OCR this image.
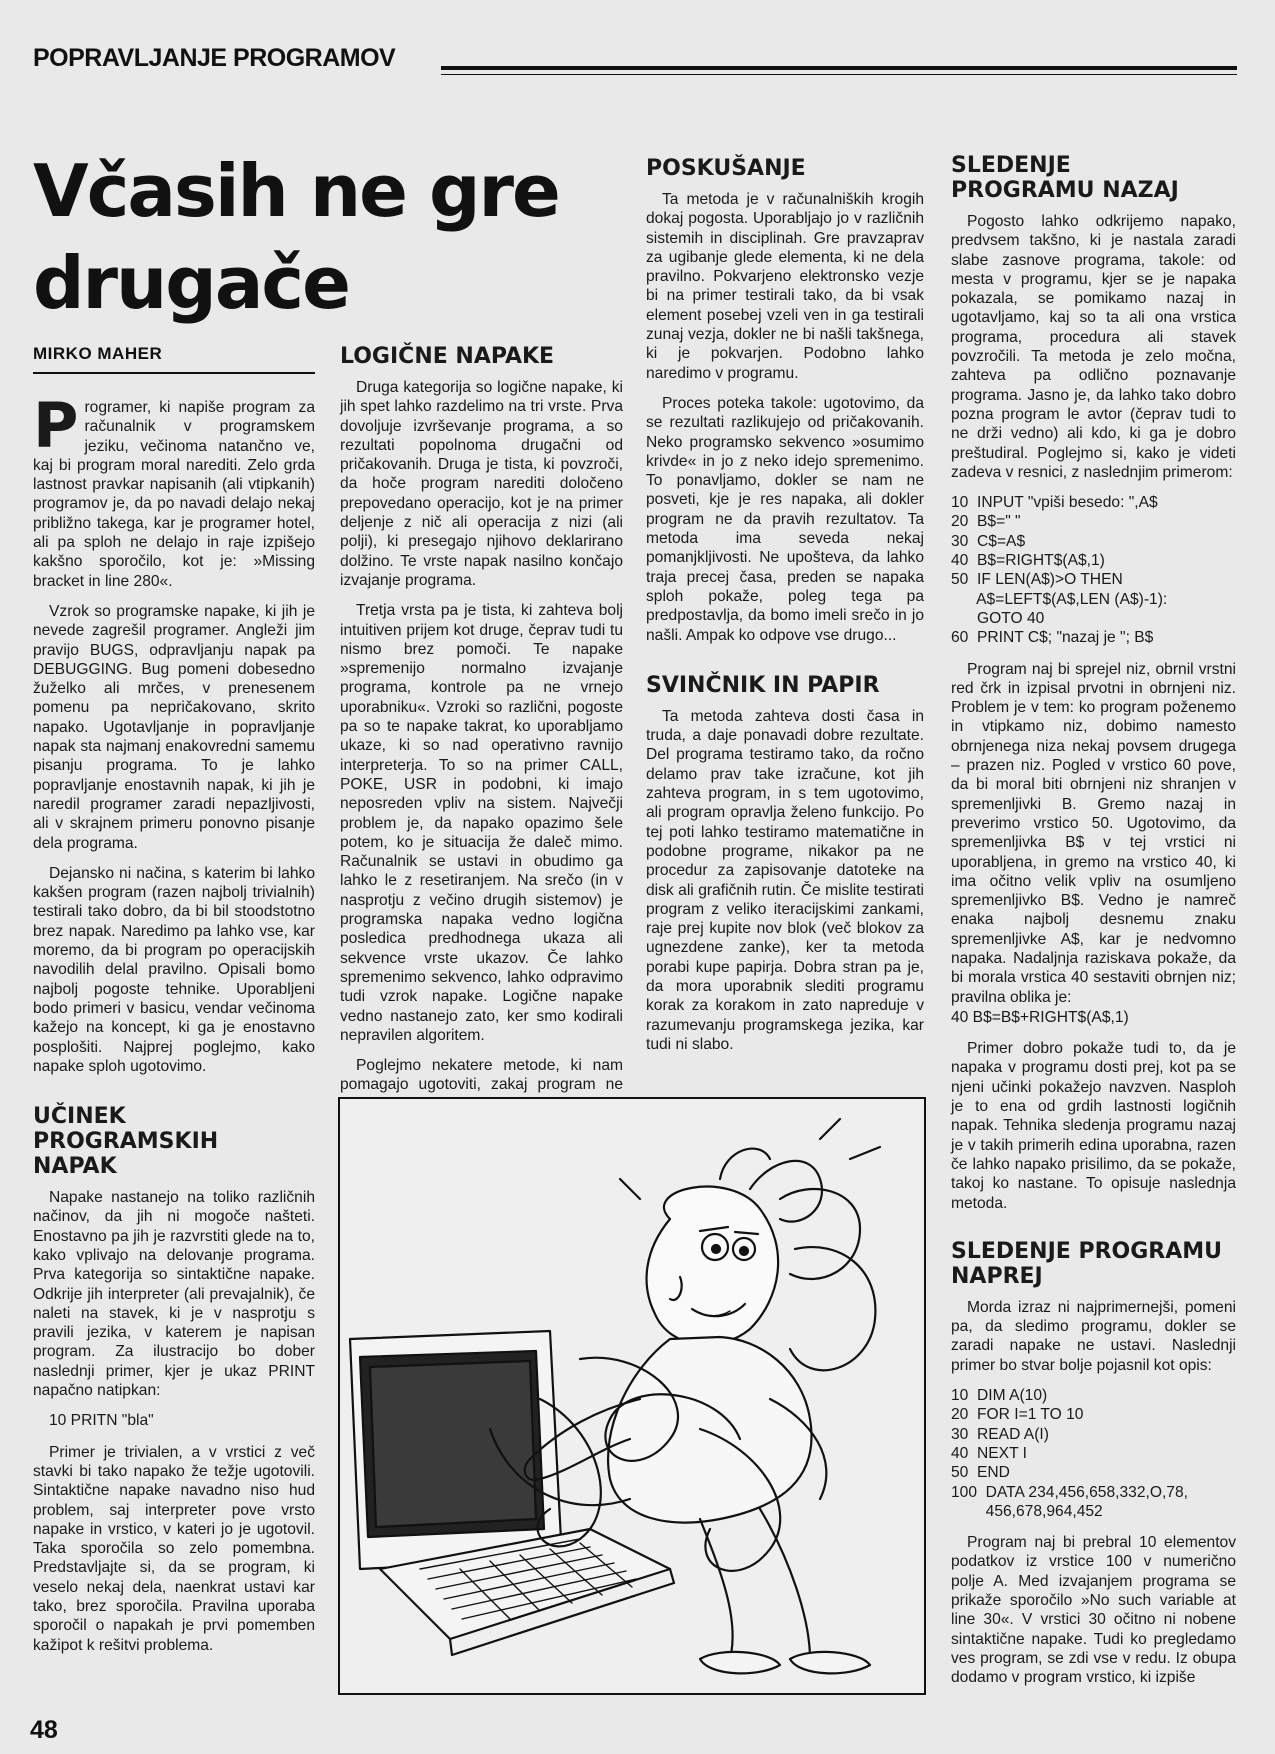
POPRAVLJANJE PROGRAMOV
Včasih ne gre drugače
MIRKO MAHER

Programer, ki napiše program za računalnik v programskem jeziku, večinoma natančno ve, kaj bi program moral narediti. Zelo grda lastnost pravkar napisanih (ali vtipkanih) programov je, da po navadi delajo nekaj približno takega, kar je programer hotel, ali pa sploh ne delajo in raje izpišejo kakšno sporočilo, kot je: »Missing bracket in line 280«.

Vzrok so programske napake, ki jih je nevede zagrešil programer. Angleži jim pravijo BUGS, odpravljanju napak pa DEBUGGING. Bug pomeni dobesedno žuželko ali mrčes, v prenesenem pomenu pa nepričakovano, skrito napako. Ugotavljanje in popravljanje napak sta najmanj enakovredni samemu pisanju programa. To je lahko popravljanje enostavnih napak, ki jih je naredil programer zaradi nepazljivosti, ali v skrajnem primeru ponovno pisanje dela programa.

Dejansko ni načina, s katerim bi lahko kakšen program (razen najbolj trivialnih) testirali tako dobro, da bi bil stoodstotno brez napak. Naredimo pa lahko vse, kar moremo, da bi program po operacijskih navodilih delal pravilno. Opisali bomo najbolj pogoste tehnike. Uporabljeni bodo primeri v basicu, vendar večinoma kažejo na koncept, ki ga je enostavno posplošiti. Najprej poglejmo, kako napake sploh ugotovimo.

UČINEK PROGRAMSKIH NAPAK

Napake nastanejo na toliko različnih načinov, da jih ni mogoče našteti. Enostavno pa jih je razvrstiti glede na to, kako vplivajo na delovanje programa. Prva kategorija so sintaktične napake. Odkrije jih interpreter (ali prevajalnik), če naleti na stavek, ki je v nasprotju s pravili jezika, v katerem je napisan program. Za ilustracijo bo dober naslednji primer, kjer je ukaz PRINT napačno natipkan:

10 PRITN "bla"

Primer je trivialen, a v vrstici z več stavki bi tako napako že težje ugotovili. Sintaktične napake navadno niso hud problem, saj interpreter pove vrsto napake in vrstico, v kateri jo je ugotovil. Taka sporočila so zelo pomembna. Predstavljajte si, da se program, ki veselo nekaj dela, naenkrat ustavi kar tako, brez sporočila. Pravilna uporaba sporočil o napakah je prvi pomemben kažipot k rešitvi problema.

LOGIČNE NAPAKE

Druga kategorija so logične napake, ki jih spet lahko razdelimo na tri vrste. Prva dovoljuje izvrševanje programa, a so rezultati popolnoma drugačni od pričakovanih. Druga je tista, ki povzroči, da hoče program narediti določeno prepovedano operacijo, kot je na primer deljenje z nič ali operacija z nizi (ali polji), ki presegajo njihovo deklarirano dolžino. Te vrste napak nasilno končajo izvajanje programa.

Tretja vrsta pa je tista, ki zahteva bolj intuitiven prijem kot druge, čeprav tudi tu nismo brez pomoči. Te napake »spremenijo normalno izvajanje programa, kontrole pa ne vrnejo uporabniku«. Vzroki so različni, pogoste pa so te napake takrat, ko uporabljamo ukaze, ki so nad operativno ravnijo interpreterja. To so na primer CALL, POKE, USR in podobni, ki imajo neposreden vpliv na sistem. Največji problem je, da napako opazimo šele potem, ko je situacija že daleč mimo. Računalnik se ustavi in obudimo ga lahko le z resetiranjem. Na srečo (in v nasprotju z večino drugih sistemov) je programska napaka vedno logična posledica predhodnega ukaza ali sekvence vrste ukazov. Če lahko spremenimo sekvenco, lahko odpravimo tudi vzrok napake. Logične napake vedno nastanejo zato, ker smo kodirali nepravilen algoritem.

Poglejmo nekatere metode, ki nam pomagajo ugotoviti, zakaj program ne

POSKUŠANJE

Ta metoda je v računalniških krogih dokaj pogosta. Uporabljajo jo v različnih sistemih in disciplinah. Gre pravzaprav za ugibanje glede elementa, ki ne dela pravilno. Pokvarjeno elektronsko vezje bi na primer testirali tako, da bi vsak element posebej vzeli ven in ga testirali zunaj vezja, dokler ne bi našli takšnega, ki je pokvarjen. Podobno lahko naredimo v programu.

Proces poteka takole: ugotovimo, da se rezultati razlikujejo od pričakovanih. Neko programsko sekvenco »osumimo krivde« in jo z neko idejo spremenimo. To ponavljamo, dokler se nam ne posveti, kje je res napaka, ali dokler program ne da pravih rezultatov. Ta metoda ima seveda nekaj pomanjkljivosti. Ne upošteva, da lahko traja precej časa, preden se napaka sploh pokaže, poleg tega pa predpostavlja, da bomo imeli srečo in jo našli. Ampak ko odpove vse drugo...

SVINČNIK IN PAPIR

Ta metoda zahteva dosti časa in truda, a daje ponavadi dobre rezultate. Del programa testiramo tako, da ročno delamo prav take izračune, kot jih zahteva program, in s tem ugotovimo, ali program opravlja želeno funkcijo. Po tej poti lahko testiramo matematične in podobne programe, nikakor pa ne procedur za zapisovanje datoteke na disk ali grafičnih rutin. Če mislite testirati program z veliko iteracijskimi zankami, raje prej kupite nov blok (več blokov za ugnezdene zanke), ker ta metoda porabi kupe papirja. Dobra stran pa je, da mora uporabnik slediti programu korak za korakom in zato napreduje v razumevanju programskega jezika, kar tudi ni slabo.

SLEDENJE PROGRAMU NAZAJ

Pogosto lahko odkrijemo napako, predvsem takšno, ki je nastala zaradi slabe zasnove programa, takole: od mesta v programu, kjer se je napaka pokazala, se pomikamo nazaj in ugotavljamo, kaj so ta ali ona vrstica programa, procedura ali stavek povzročili. Ta metoda je zelo močna, zahteva pa odlično poznavanje programa. Jasno je, da lahko tako dobro pozna program le avtor (čeprav tudi to ne drži vedno) ali kdo, ki ga je dobro preštudiral. Poglejmo si, kako je videti zadeva v resnici, z naslednjim primerom:

10  INPUT "vpiši besedo: ",A$
20  B$=" "
30  C$=A$
40  B$=RIGHT$(A$,1)
50  IF LEN(A$)>O THEN
A$=LEFT$(A$,LEN (A$)-1):
GOTO 40
60  PRINT C$; "nazaj je "; B$

Program naj bi sprejel niz, obrnil vrstni red črk in izpisal prvotni in obrnjeni niz. Problem je v tem: ko program poženemo in vtipkamo niz, dobimo namesto obrnjenega niza nekaj povsem drugega – prazen niz. Pogled v vrstico 60 pove, da bi moral biti obrnjeni niz shranjen v spremenljivki B. Gremo nazaj in preverimo vrstico 50. Ugotovimo, da spremenljivka B$ v tej vrstici ni uporabljena, in gremo na vrstico 40, ki ima očitno velik vpliv na osumljeno spremenljivko B$. Vedno je namreč enaka najbolj desnemu znaku spremenljivke A$, kar je nedvomno napaka. Nadaljnja raziskava pokaže, da bi morala vrstica 40 sestaviti obrnjen niz; pravilna oblika je:

40 B$=B$+RIGHT$(A$,1)

Primer dobro pokaže tudi to, da je napaka v programu dosti prej, kot pa se njeni učinki pokažejo navzven. Nasploh je to ena od grdih lastnosti logičnih napak. Tehnika sledenja programu nazaj je v takih primerih edina uporabna, razen če lahko napako prisilimo, da se pokaže, takoj ko nastane. To opisuje naslednja metoda.

SLEDENJE PROGRAMU NAPREJ

Morda izraz ni najprimernejši, pomeni pa, da sledimo programu, dokler se zaradi napake ne ustavi. Naslednji primer bo stvar bolje pojasnil kot opis:

10  DIM A(10)
20  FOR I=1 TO 10
30  READ A(I)
40  NEXT I
50  END
100  DATA 234,456,658,332,O,78,
456,678,964,452

Program naj bi prebral 10 elementov podatkov iz vrstice 100 v numerično polje A. Med izvajanjem programa se prikaže sporočilo »No such variable at line 30«. V vrstici 30 očitno ni nobene sintaktične napake. Tudi ko pregledamo ves program, se zdi vse v redu. Iz obupa dodamo v program vrstico, ki izpiše

48
